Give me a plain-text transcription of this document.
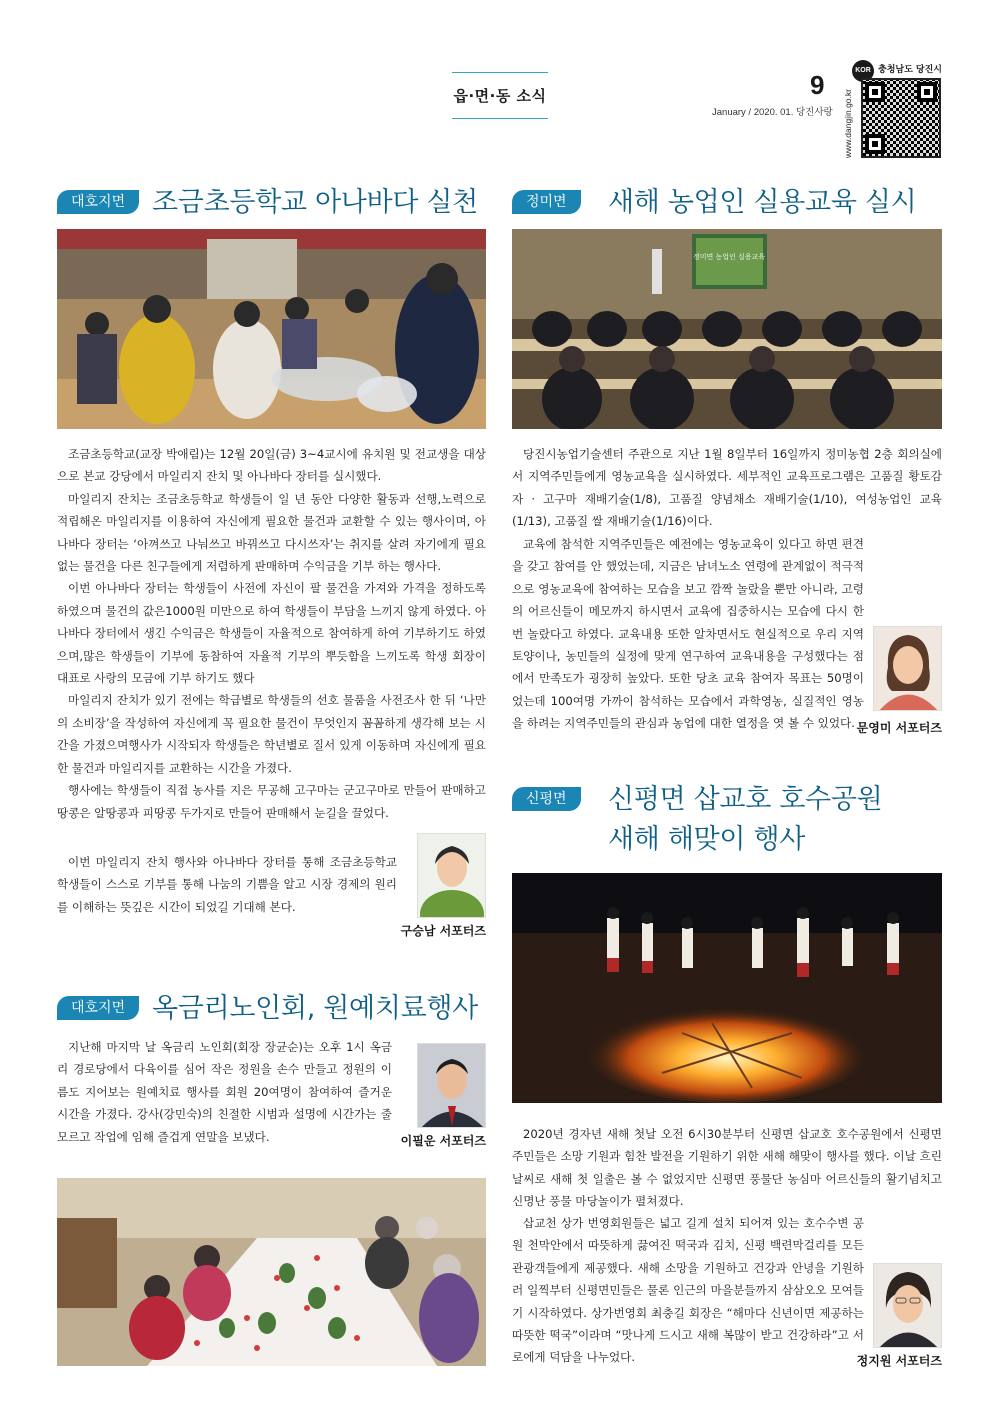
읍·면·동 소식	9
January / 2020. 01. 당진사랑 www.dangjin.go.kr
KOR 충청남도 당진시
대호지면 조금초등학교 아나바다 실천

조금초등학교(교장 박애림)는 12월 20일(금) 3~4교시에 유치원 및 전교생을 대상으로 본교 강당에서 마일리지 잔치 및 아나바다 장터를 실시했다.

마일리지 잔치는 조금초등학교 학생들이 일 년 동안 다양한 활동과 선행,노력으로 적립해온 마일리지를 이용하여 자신에게 필요한 물건과 교환할 수 있는 행사이며, 아나바다 장터는 ‘아껴쓰고 나눠쓰고 바꿔쓰고 다시쓰자’는 취지를 살려 자기에게 필요 없는 물건을 다른 친구들에게 저렴하게 판매하며 수익금을 기부 하는 행사다.

이번 아나바다 장터는 학생들이 사전에 자신이 팔 물건을 가져와 가격을 정하도록 하였으며 물건의 값은1000원 미만으로 하여 학생들이 부담을 느끼지 않게 하였다. 아나바다 장터에서 생긴 수익금은 학생들이 자율적으로 참여하게 하여 기부하기도 하였으며,많은 학생들이 기부에 동참하여 자율적 기부의 뿌듯함을 느끼도록 학생 회장이 대표로 사랑의 모금에 기부 하기도 했다

마일리지 잔치가 있기 전에는 학급별로 학생들의 선호 물품을 사전조사 한 뒤 ‘나만의 소비장’을 작성하여 자신에게 꼭 필요한 물건이 무엇인지 꼼꼼하게 생각해 보는 시간을 가졌으며행사가 시작되자 학생들은 학년별로 질서 있게 이동하며 자신에게 필요한 물건과 마일리지를 교환하는 시간을 가졌다.

행사에는 학생들이 직접 농사를 지은 무공해 고구마는 군고구마로 만들어 판매하고 땅콩은 알땅콩과 피땅콩 두가지로 만들어 판매해서 눈길을 끌었다.

이번 마일리지 잔치 행사와 아나바다 장터를 통해 조금초등학교 학생들이 스스로 기부를 통해 나눔의 기쁨을 알고 시장 경제의 원리를 이해하는 뜻깊은 시간이 되었길 기대해 본다.

구승남 서포터즈
대호지면 옥금리노인회, 원예치료행사

지난해 마지막 날 옥금리 노인회(회장 장균순)는 오후 1시 옥금리 경로당에서 다육이를 심어 작은 정원을 손수 만들고 정원의 이름도 지어보는 원예치료 행사를 회원 20여명이 참여하여 즐거운 시간을 가졌다. 강사(강민숙)의 친절한 시범과 설명에 시간가는 줄 모르고 작업에 임해 즐겁게 연말을 보냈다.	이필운 서포터즈
정미면	새해 농업인 실용교육 실시
정미면 농업인 실용교육

당진시농업기술센터 주관으로 지난 1월 8일부터 16일까지 정미농협 2층 회의실에서 지역주민들에게 영농교육을 실시하였다. 세부적인 교육프로그램은 고품질 황토감자 · 고구마 재배기술(1/8), 고품질 양념채소 재배기술(1/10), 여성농업인 교육(1/13), 고품질 쌀 재배기술(1/16)이다.

교육에 참석한 지역주민들은 예전에는 영농교육이 있다고 하면 편견을 갖고 참여를 안 했었는데, 지금은 남녀노소 연령에 관계없이 적극적으로 영농교육에 참여하는 모습을 보고 깜짝 놀랐을 뿐만 아니라, 고령의 어르신들이 메모까지 하시면서 교육에 집중하시는 모습에 다시 한 번 놀랐다고 하였다. 교육내용 또한 알차면서도 현실적으로 우리 지역 토양이나, 농민들의 실정에 맞게 연구하여 교육내용을 구성했다는 점에서 만족도가 굉장히 높았다. 또한 당초 교육 참여자 목표는 50명이었는데 100여명 가까이 참석하는 모습에서 과학영농, 실질적인 영농을 하려는 지역주민들의 관심과 농업에 대한 열정을 엿 볼 수 있었다. 문영미 서포터즈
신평면	신평면 삽교호 호수공원
새해 해맞이 행사

2020년 경자년 새해 첫날 오전 6시30분부터 신평면 삽교호 호수공원에서 신평면 주민들은 소망 기원과 힘찬 발전을 기원하기 위한 새해 해맞이 행사를 했다. 이날 흐린 날씨로 새해 첫 일출은 볼 수 없었지만 신평면 풍물단 농심마 어르신들의 활기넘치고 신명난 풍물 마당놀이가 펼쳐졌다.

삽교천 상가 번영회원들은 넓고 길게 설치 되어져 있는 호수수변 공원 천막안에서 따뜻하게 끓여진 떡국과 김치, 신평 백련막걸리를 모든 관광객들에게 제공했다. 새해 소망을 기원하고 건강과 안녕을 기원하러 일찍부터 신평면민들은 물론 인근의 마을분들까지 삼삼오오 모여들기 시작하였다. 상가번영회 최충길 회장은 “해마다 신년이면 제공하는 따뜻한 떡국”이라며 “맛나게 드시고 새해 복많이 받고 건강하라”고 서로에게 덕담을 나누었다.	정지원 서포터즈
